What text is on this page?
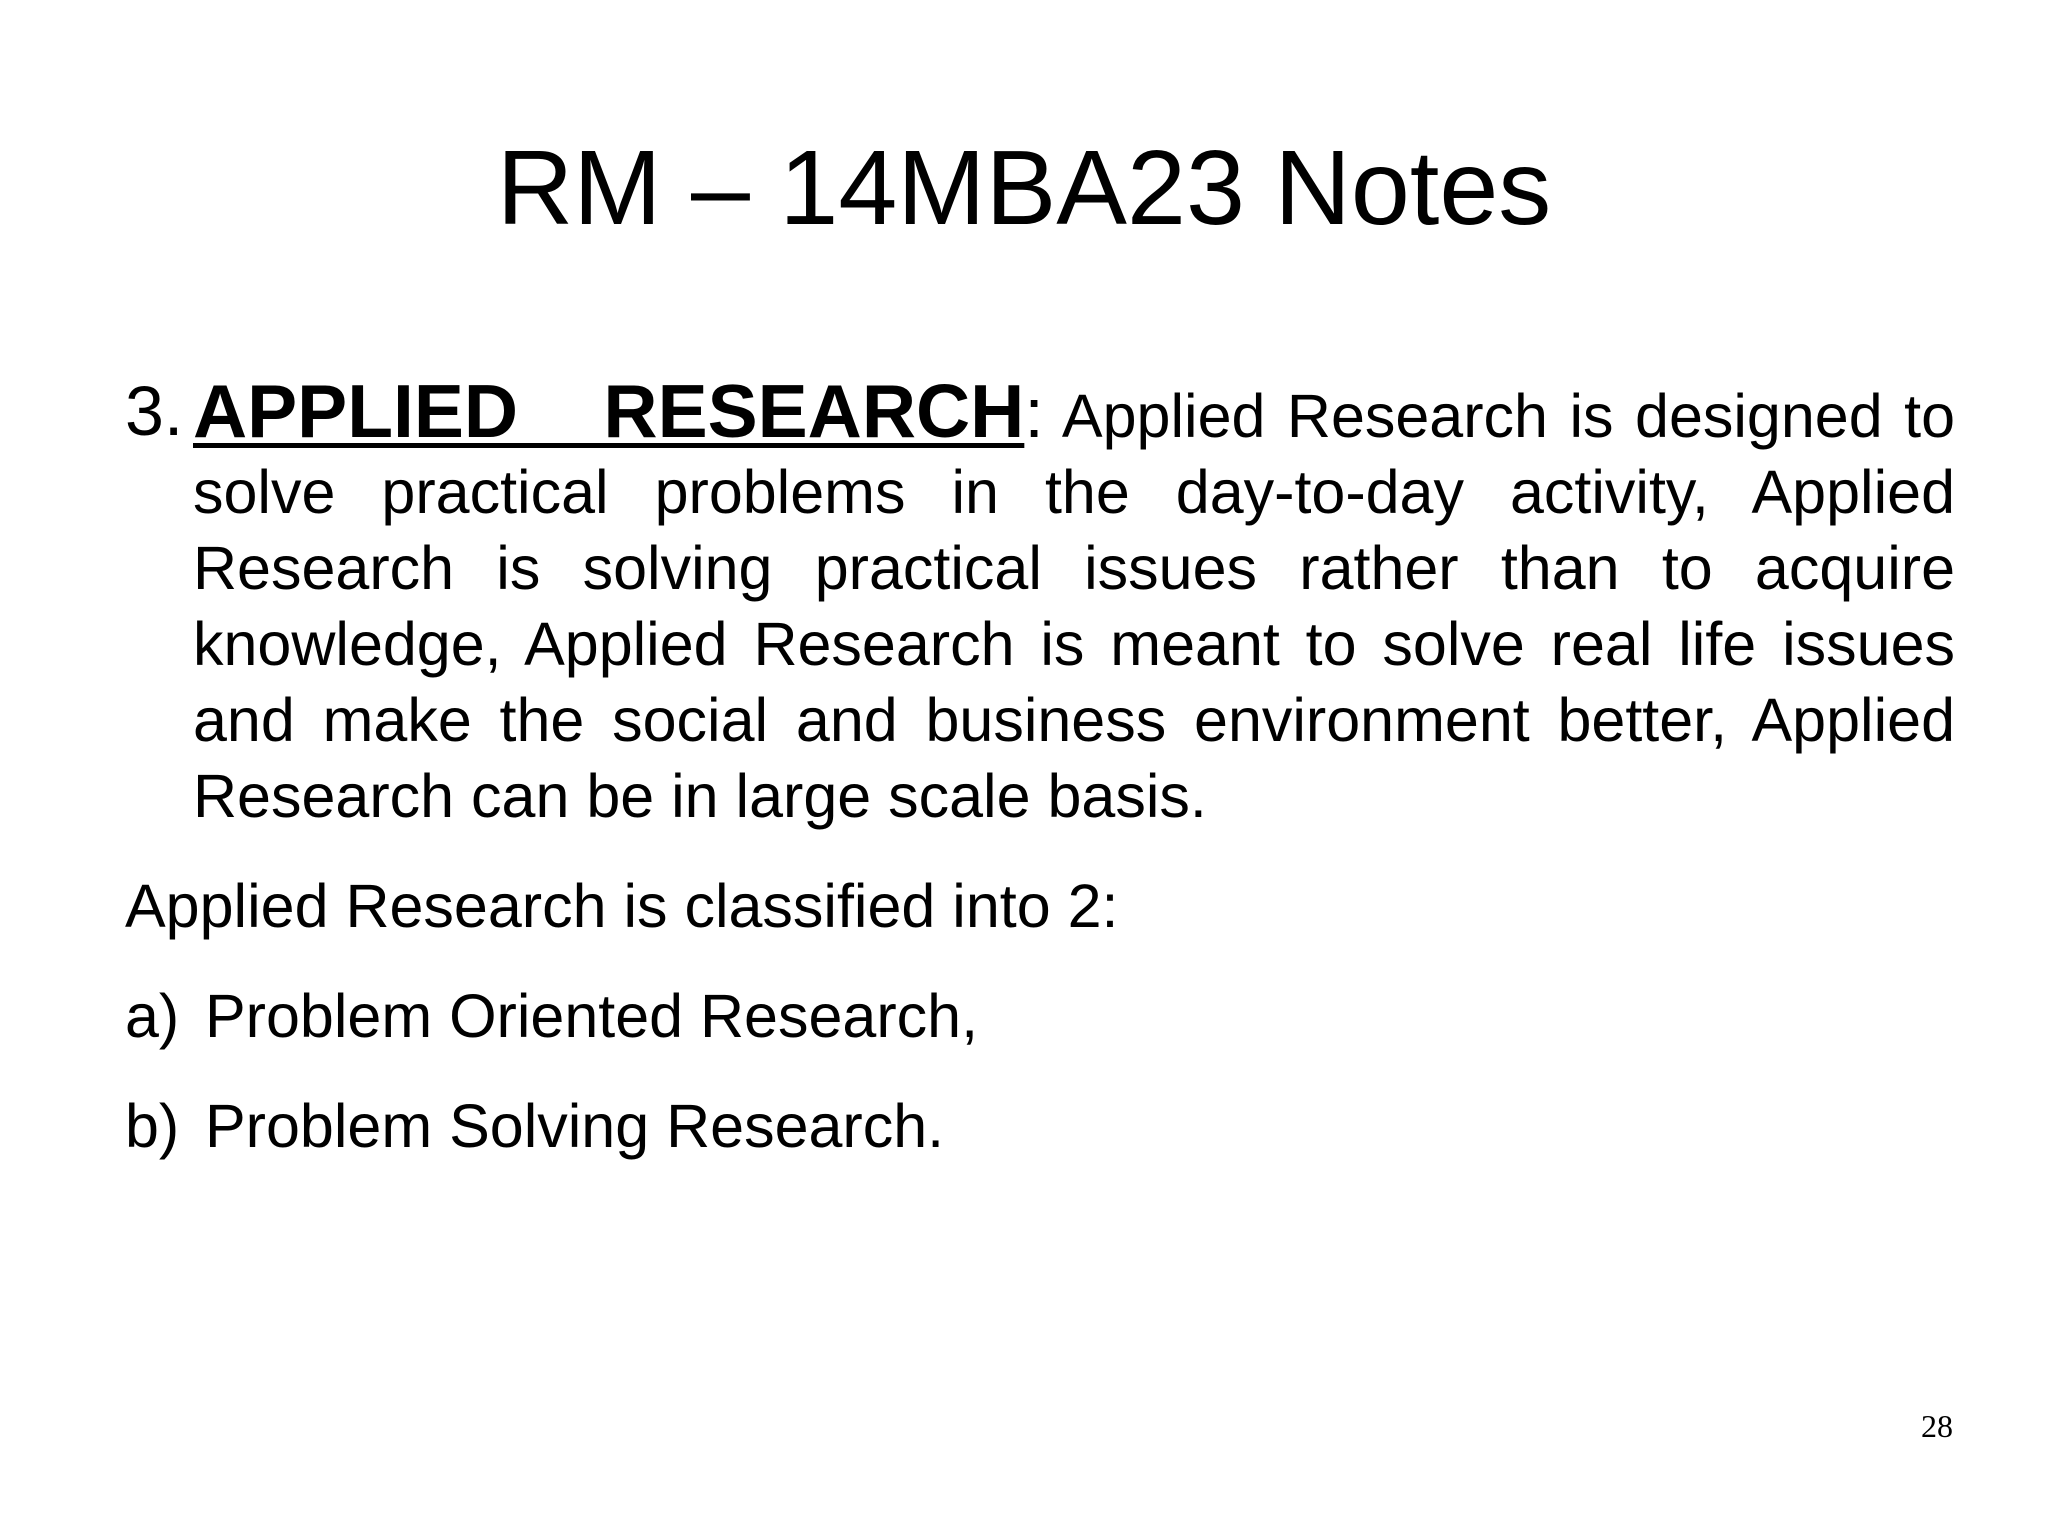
RM – 14MBA23 Notes
3. APPLIED RESEARCH: Applied Research is designed to solve practical problems in the day-to-day activity, Applied Research is solving practical issues rather than to acquire knowledge, Applied Research is meant to solve real life issues and make the social and business environment better, Applied Research can be in large scale basis.

Applied Research is classified into 2:

a) Problem Oriented Research,
b) Problem Solving Research.
28
